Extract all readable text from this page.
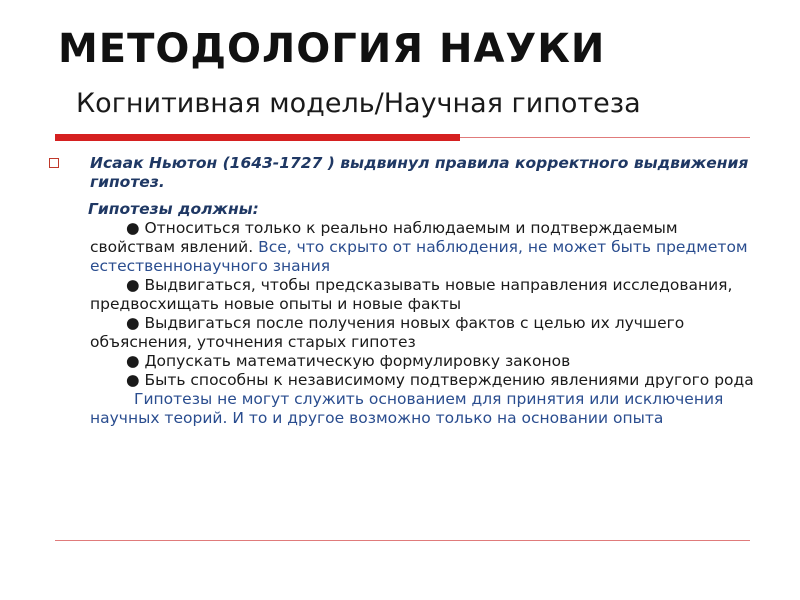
МЕТОДОЛОГИЯ НАУКИ
Когнитивная модель/Научная гипотеза

Исаак Ньютон (1643-1727 ) выдвинул правила корректного выдвижения гипотез.

Гипотезы должны:

● Относиться только к реально наблюдаемым и подтверждаемым свойствам явлений. Все, что скрыто от наблюдения, не может быть предметом естественнонаучного знания

● Выдвигаться, чтобы предсказывать новые направления исследования, предвосхищать новые опыты и новые факты

● Выдвигаться после получения новых фактов с целью их лучшего объяснения, уточнения старых гипотез

● Допускать математическую формулировку законов

● Быть способны к независимому подтверждению явлениями другого рода

Гипотезы не могут служить основанием для принятия или исключения научных теорий. И то и другое возможно только на основании опыта
